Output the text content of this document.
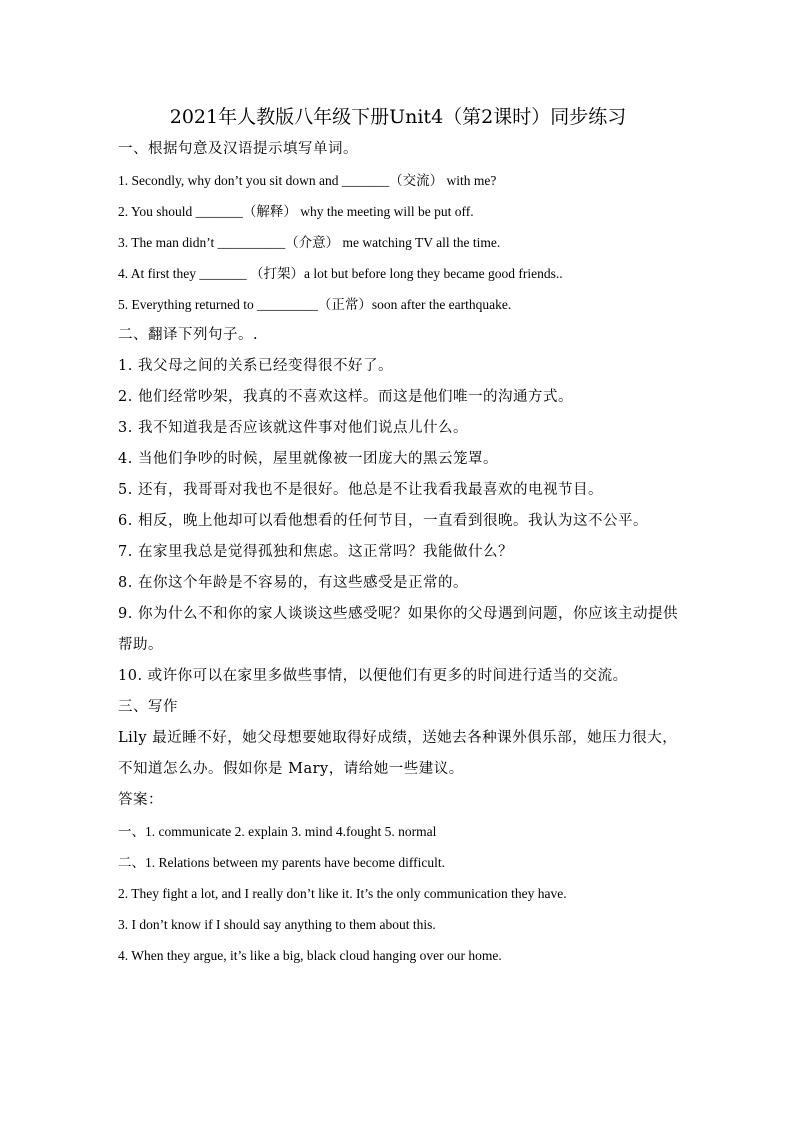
2021年人教版八年级下册Unit4（第2课时）同步练习
一、根据句意及汉语提示填写单词。
1. Secondly, why don’t you sit down and _______（交流） with me?
2. You should _______（解释） why the meeting will be put off.
3. The man didn’t __________（介意） me watching TV all the time.
4. At first they _______ （打架）a lot but before long they became good friends..
5. Everything returned to _________（正常）soon after the earthquake.
二、翻译下列句子。.
1. 我父母之间的关系已经变得很不好了。
2. 他们经常吵架，我真的不喜欢这样。而这是他们唯一的沟通方式。
3. 我不知道我是否应该就这件事对他们说点儿什么。
4. 当他们争吵的时候，屋里就像被一团庞大的黑云笼罩。
5. 还有，我哥哥对我也不是很好。他总是不让我看我最喜欢的电视节目。
6. 相反，晚上他却可以看他想看的任何节目，一直看到很晚。我认为这不公平。
7. 在家里我总是觉得孤独和焦虑。这正常吗？我能做什么？
8. 在你这个年龄是不容易的，有这些感受是正常的。
9. 你为什么不和你的家人谈谈这些感受呢？如果你的父母遇到问题，你应该主动提供帮助。
10. 或许你可以在家里多做些事情，以便他们有更多的时间进行适当的交流。
三、写作
Lily 最近睡不好，她父母想要她取得好成绩，送她去各种课外俱乐部，她压力很大，不知道怎么办。假如你是 Mary，请给她一些建议。
答案：
一、1. communicate 2. explain 3. mind 4.fought 5. normal
二、1. Relations between my parents have become difficult.
2. They fight a lot, and I really don’t like it. It’s the only communication they have.
3. I don’t know if I should say anything to them about this.
4. When they argue, it’s like a big, black cloud hanging over our home.
